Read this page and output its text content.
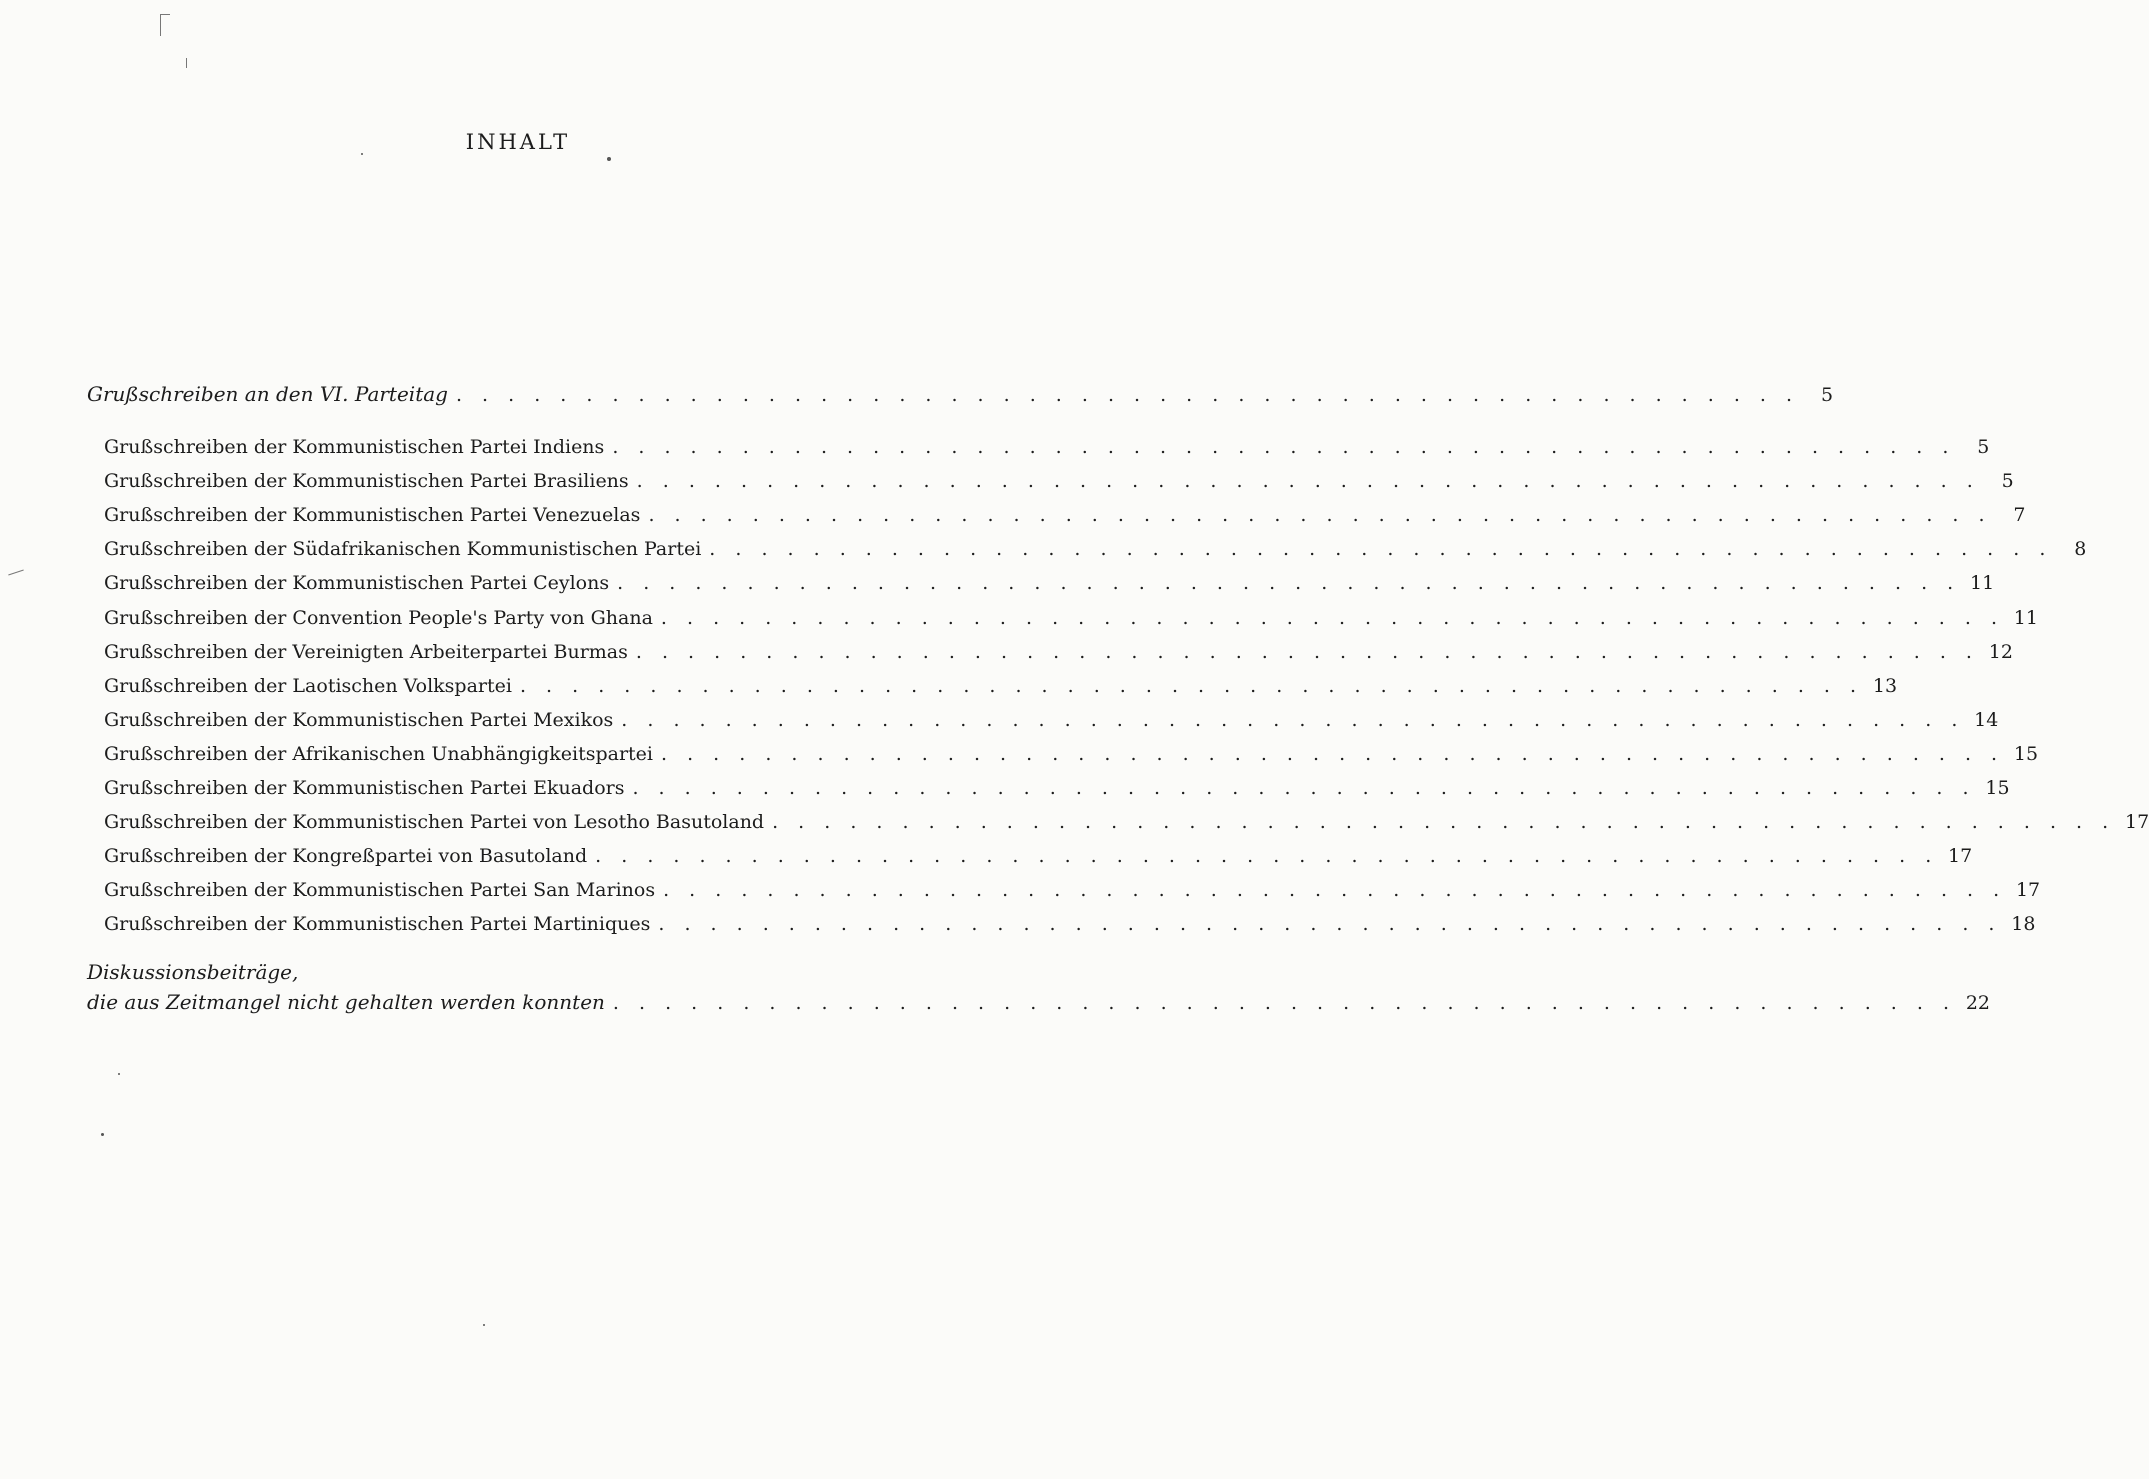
INHALT
Grußschreiben an den VI. Parteitag . . . . . . . . . . . . . . . . . . . . . . . . . . . . . . . . . . . . . . . . . . . . . . . . . . . .	5
Grußschreiben der Kommunistischen Partei Indiens . . . . . . . . . . . . . . . . . . . . . . . . . . . . . . . . . . . . . . . . . . . . . . . . . . . .	5
Grußschreiben der Kommunistischen Partei Brasiliens . . . . . . . . . . . . . . . . . . . . . . . . . . . . . . . . . . . . . . . . . . . . . . . . . . . .	5
Grußschreiben der Kommunistischen Partei Venezuelas . . . . . . . . . . . . . . . . . . . . . . . . . . . . . . . . . . . . . . . . . . . . . . . . . . . .	7
Grußschreiben der Südafrikanischen Kommunistischen Partei . . . . . . . . . . . . . . . . . . . . . . . . . . . . . . . . . . . . . . . . . . . . . . . . . . . .	8
Grußschreiben der Kommunistischen Partei Ceylons . . . . . . . . . . . . . . . . . . . . . . . . . . . . . . . . . . . . . . . . . . . . . . . . . . . . 11
Grußschreiben der Convention People's Party von Ghana . . . . . . . . . . . . . . . . . . . . . . . . . . . . . . . . . . . . . . . . . . . . . . . . . . . . 11
Grußschreiben der Vereinigten Arbeiterpartei Burmas . . . . . . . . . . . . . . . . . . . . . . . . . . . . . . . . . . . . . . . . . . . . . . . . . . . . 12
Grußschreiben der Laotischen Volkspartei . . . . . . . . . . . . . . . . . . . . . . . . . . . . . . . . . . . . . . . . . . . . . . . . . . . . 13
Grußschreiben der Kommunistischen Partei Mexikos . . . . . . . . . . . . . . . . . . . . . . . . . . . . . . . . . . . . . . . . . . . . . . . . . . . . 14
Grußschreiben der Afrikanischen Unabhängigkeitspartei . . . . . . . . . . . . . . . . . . . . . . . . . . . . . . . . . . . . . . . . . . . . . . . . . . . . 15
Grußschreiben der Kommunistischen Partei Ekuadors . . . . . . . . . . . . . . . . . . . . . . . . . . . . . . . . . . . . . . . . . . . . . . . . . . . . 15
Grußschreiben der Kommunistischen Partei von Lesotho Basutoland . . . . . . . . . . . . . . . . . . . . . . . . . . . . . . . . . . . . . . . . . . . . . . . . . . . . 17
Grußschreiben der Kongreßpartei von Basutoland . . . . . . . . . . . . . . . . . . . . . . . . . . . . . . . . . . . . . . . . . . . . . . . . . . . . 17
Grußschreiben der Kommunistischen Partei San Marinos . . . . . . . . . . . . . . . . . . . . . . . . . . . . . . . . . . . . . . . . . . . . . . . . . . . . 17
Grußschreiben der Kommunistischen Partei Martiniques . . . . . . . . . . . . . . . . . . . . . . . . . . . . . . . . . . . . . . . . . . . . . . . . . . . . 18
Diskussionsbeiträge,
die aus Zeitmangel nicht gehalten werden konnten . . . . . . . . . . . . . . . . . . . . . . . . . . . . . . . . . . . . . . . . . . . . . . . . . . . . 22
